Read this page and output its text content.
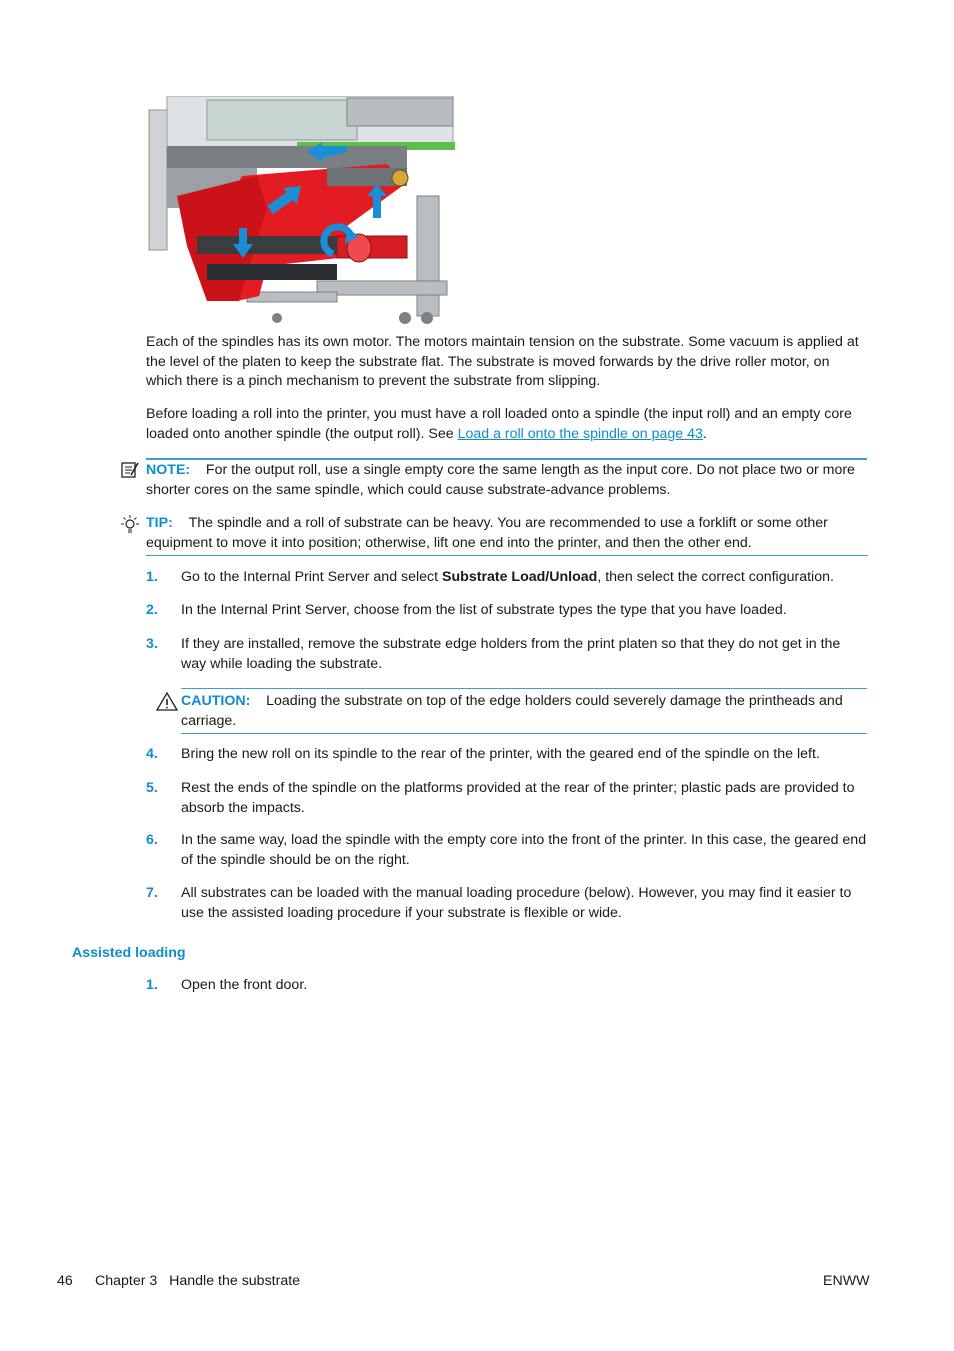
Each of the spindles has its own motor. The motors maintain tension on the substrate. Some vacuum is applied at the level of the platen to keep the substrate flat. The substrate is moved forwards by the drive roller motor, on which there is a pinch mechanism to prevent the substrate from slipping.
Before loading a roll into the printer, you must have a roll loaded onto a spindle (the input roll) and an empty core loaded onto another spindle (the output roll). See Load a roll onto the spindle on page 43.
NOTE: For the output roll, use a single empty core the same length as the input core. Do not place two or more shorter cores on the same spindle, which could cause substrate-advance problems.
TIP: The spindle and a roll of substrate can be heavy. You are recommended to use a forklift or some other equipment to move it into position; otherwise, lift one end into the printer, and then the other end.
1. Go to the Internal Print Server and select Substrate Load/Unload, then select the correct configuration.
2. In the Internal Print Server, choose from the list of substrate types the type that you have loaded.
3. If they are installed, remove the substrate edge holders from the print platen so that they do not get in the way while loading the substrate.
CAUTION: Loading the substrate on top of the edge holders could severely damage the printheads and carriage.
4. Bring the new roll on its spindle to the rear of the printer, with the geared end of the spindle on the left.
5. Rest the ends of the spindle on the platforms provided at the rear of the printer; plastic pads are provided to absorb the impacts.
6. In the same way, load the spindle with the empty core into the front of the printer. In this case, the geared end of the spindle should be on the right.
7. All substrates can be loaded with the manual loading procedure (below). However, you may find it easier to use the assisted loading procedure if your substrate is flexible or wide.
Assisted loading
1. Open the front door.
46 Chapter 3   Handle the substrate	ENWW
